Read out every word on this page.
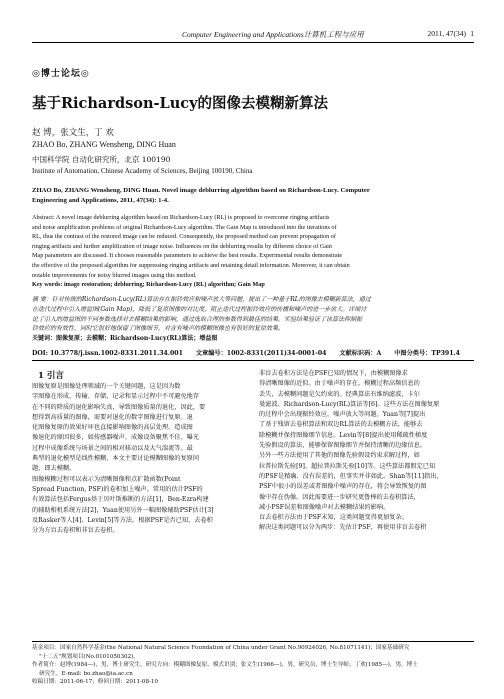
Computer Engineering and Applications计算机工程与应用	2011, 47(34) 1
◎博士论坛◎
基于Richardson-Lucy的图像去模糊新算法
赵 博，张文生，丁 欢
ZHAO Bo, ZHANG Wensheng, DING Huan
中国科学院 自动化研究所，北京 100190
Institute of Automation, Chinese Academy of Sciences, Beijing 100190, China
ZHAO Bo, ZHANG Wensheng, DING Huan. Novel image deblurring algorithm based on Richardson-Lucy. Computer
Engineering and Applications, 2011, 47(34): 1-4.
Abstract: A novel image deblurring algorithm based on Richardson-Lucy (RL) is proposed to overcome ringing artifacts
and noise amplification problems of original Richardson-Lucy algorithm. The Gain Map is introduced into the iterations of
RL, thus the contrast of the restored image can be reduced. Consequently, the proposed method can prevent propagation of
ringing artifacts and further amplification of image noise. Influences on the deblurring results by different choice of Gain
Map parameters are discussed. It chooses reasonable parameters to achieve the best results. Experimental results demonstrate
the effective of the proposed algorithm for suppressing ringing artifacts and retaining detail information. Moreover, it can obtain
notable improvements for noisy blurred images using this method.
Key words: image restoration; deblurring; Richardson-Lucy (RL) algorithm; Gain Map
摘 要：针对传统的Richardson-Lucy(RL)算法存在振铃效应和噪声放大等问题，提出了一种基于RL的图像去模糊新算法，通过
在迭代过程中引入增益图(Gain Map)，降低了复原图像的对比度，阻止迭代过程振铃效应的传播和噪声的进一步放大。详细讨
论了引入的增益图的不同参数选择对去模糊结果的影响，通过选取合理的参数得到最佳的结果。实验结果验证了该算法抑制振
铃效应的有效性，同时它很好地保留了图像细节，对含有噪声的模糊图像也有很好的复原效果。
关键词：图像复原；去模糊；Richardson-Lucy(RL)算法；增益图
DOI: 10.3778/j.issn.1002-8331.2011.34.001      文章编号：1002-8331(2011)34-0001-04      文献标识码：A      中图分类号：TP391.4
1 引言

图像复原是图像处理领域的一个关键问题，这是因为数

字图像在形成、传输、存储、记录和显示过程中不可避免地存

在不同的降质的退化影响失真，导致图像质量的退化，因此，要

想得到高质量的图像，需要对退化的数字图像进行复原。退

化图像复原的效果好坏也直接影响图像的高层处理。造成图

像退化的原因很多，如传感器噪声、成像设备聚焦不佳、曝光

过程中成像系统与场景之间的相对移动以及大气湍流等。最

典型的退化模型是线性模糊，本文主要讨论模糊图像的复原问

题，即去模糊。

图像模糊过程可以表示为清晰图像和点扩散函数(Point

Spread Function, PSF)的卷积加上噪声。常用的估计PSF的

有效算法包括Fergus基于贝叶斯推断的方法[1]，Ben-Ezra构建

的辅助相机系统方法[2]，Yuan使用另外一幅图像辅助PSF估计[3]

及Rasker等人[4]、Levin[5]等方法。根据PSF是否已知，去卷积

分为方盲去卷积和非盲去卷积。

非盲去卷积方法是在PSF已知的情况下，由模糊图像求

得清晰图像的近似。由于噪声的存在，模糊过程高频信息的

丢失，去模糊问题是欠约束的。经典算法有维纳滤波、卡尔

曼滤波、Richardson-Lucy(RL)算法等[6]。这些方法在图像复原

的过程中会出现振铃效应，噪声放大等问题。Yuan等[7]提出

了基于残留去卷积算法和双边RL算法的去模糊方法，能够去

除模糊并保持图像细节信息。Levin等[8]提出使用稀疏性梯度

先验假设的算法，能够保留图像细节并保持清晰的边缘信息。

另外一些方法使用了其他的图像先验假设约束求解过程，如

拉普拉斯先验[9]、超拉普拉斯先验[10]等。这些算法都假定已知

的PSF是精确、没有误差的，但事实并非如此。Shan等[11]指出，

PSF中很小的误差或者图像中噪声的存在，将会导致恢复的图

像中存在伪像。因此需要进一步研究更鲁棒的去卷积算法，

减小PSF误差和图像噪声对去模糊结果的影响。

盲去卷积方法由于PSF未知，这类问题变得更加复杂。

解决这类问题可以分为两步：先估计PSF，再使用非盲去卷积

基金项目：国家自然科学基金(the National Natural Science Foundation of China under Grant No.90924026, No.81071141)；国家基础研究
"十二五"规划项目(No.0101050302)。
作者简介：赵博(1984—)，男，博士研究生，研究方向：模糊图像复原、模式识别；张文生(1966—)，男，研究员，博士生导师；丁欢(1985—)，男，博士
研究生。E-mail: bo.zhao@ia.ac.cn
收稿日期：2011-06-17；修回日期：2011-08-10
